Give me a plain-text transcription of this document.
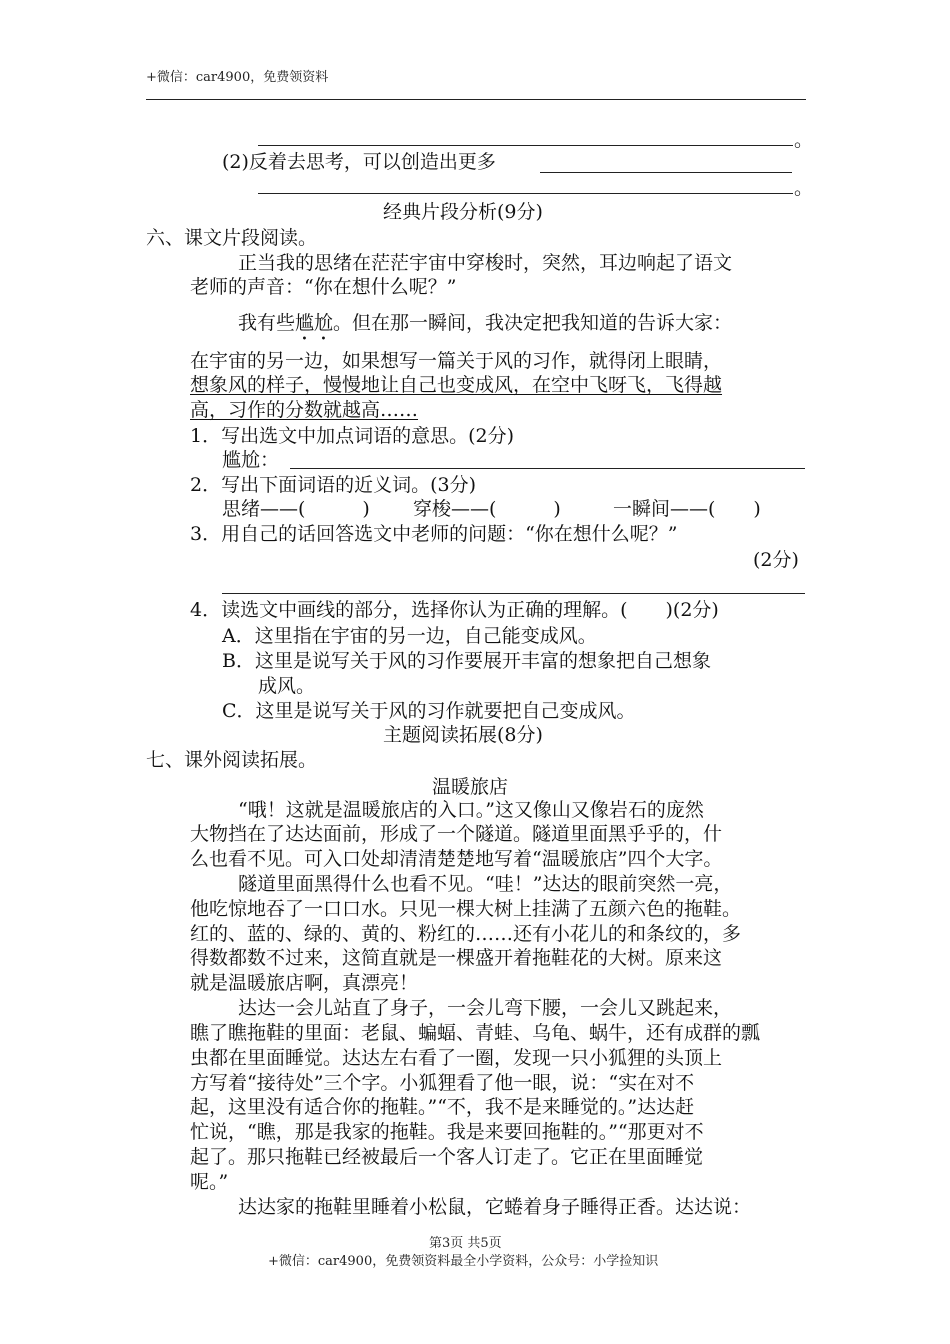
+微信：car4900，免费领资料
。
(2)反着去思考，可以创造出更多
。
经典片段分析(9分)
六、课文片段阅读。
正当我的思绪在茫茫宇宙中穿梭时，突然，耳边响起了语文
老师的声音：“你在想什么呢？”
我有些尴尬。但在那一瞬间，我决定把我知道的告诉大家：
在宇宙的另一边，如果想写一篇关于风的习作，就得闭上眼睛，
想象风的样子，慢慢地让自己也变成风，在空中飞呀飞，飞得越
高，习作的分数就越高……
1．写出选文中加点词语的意思。(2分)
尴尬：
2．写出下面词语的近义词。(3分)
思绪——(　　　) 穿梭——(　　　)	一瞬间——(　　)
3．用自己的话回答选文中老师的问题：“你在想什么呢？”
(2分)
4．读选文中画线的部分，选择你认为正确的理解。(　　)(2分)
A．这里指在宇宙的另一边，自己能变成风。
B．这里是说写关于风的习作要展开丰富的想象把自己想象
成风。
C．这里是说写关于风的习作就要把自己变成风。
主题阅读拓展(8分)
七、课外阅读拓展。
温暖旅店
“哦！这就是温暖旅店的入口。”这又像山又像岩石的庞然
大物挡在了达达面前，形成了一个隧道。隧道里面黑乎乎的，什
么也看不见。可入口处却清清楚楚地写着“温暖旅店”四个大字。
隧道里面黑得什么也看不见。“哇！”达达的眼前突然一亮，
他吃惊地吞了一口口水。只见一棵大树上挂满了五颜六色的拖鞋。
红的、蓝的、绿的、黄的、粉红的……还有小花儿的和条纹的，多
得数都数不过来，这简直就是一棵盛开着拖鞋花的大树。原来这
就是温暖旅店啊，真漂亮！
达达一会儿站直了身子，一会儿弯下腰，一会儿又跳起来，
瞧了瞧拖鞋的里面：老鼠、蝙蝠、青蛙、乌龟、蜗牛，还有成群的瓢
虫都在里面睡觉。达达左右看了一圈，发现一只小狐狸的头顶上
方写着“接待处”三个字。小狐狸看了他一眼，说：“实在对不
起，这里没有适合你的拖鞋。”“不，我不是来睡觉的。”达达赶
忙说，“瞧，那是我家的拖鞋。我是来要回拖鞋的。”“那更对不
起了。那只拖鞋已经被最后一个客人订走了。它正在里面睡觉
呢。”
达达家的拖鞋里睡着小松鼠，它蜷着身子睡得正香。达达说：
第3页 共5页
+微信：car4900，免费领资料最全小学资料，公众号：小学捡知识
